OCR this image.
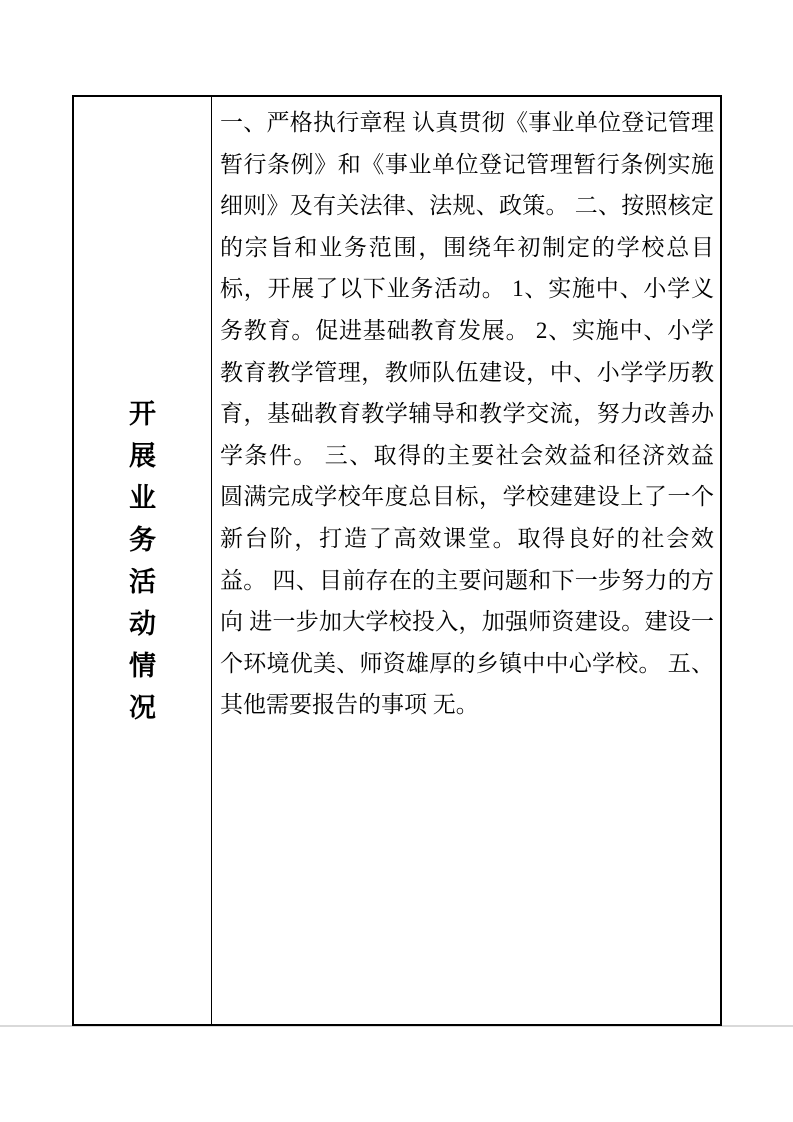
开
展
业
务
活
动
情
况

一、严格执行章程 认真贯彻《事业单位登记管理暂行条例》和《事业单位登记管理暂行条例实施细则》及有关法律、法规、政策。 二、按照核定的宗旨和业务范围，围绕年初制定的学校总目标，开展了以下业务活动。 1、实施中、小学义务教育。促进基础教育发展。 2、实施中、小学教育教学管理，教师队伍建设，中、小学学历教育，基础教育教学辅导和教学交流，努力改善办学条件。 三、取得的主要社会效益和径济效益 圆满完成学校年度总目标，学校建建设上了一个新台阶，打造了高效课堂。取得良好的社会效益。 四、目前存在的主要问题和下一步努力的方向 进一步加大学校投入，加强师资建设。建设一个环境优美、师资雄厚的乡镇中中心学校。 五、其他需要报告的事项 无。
